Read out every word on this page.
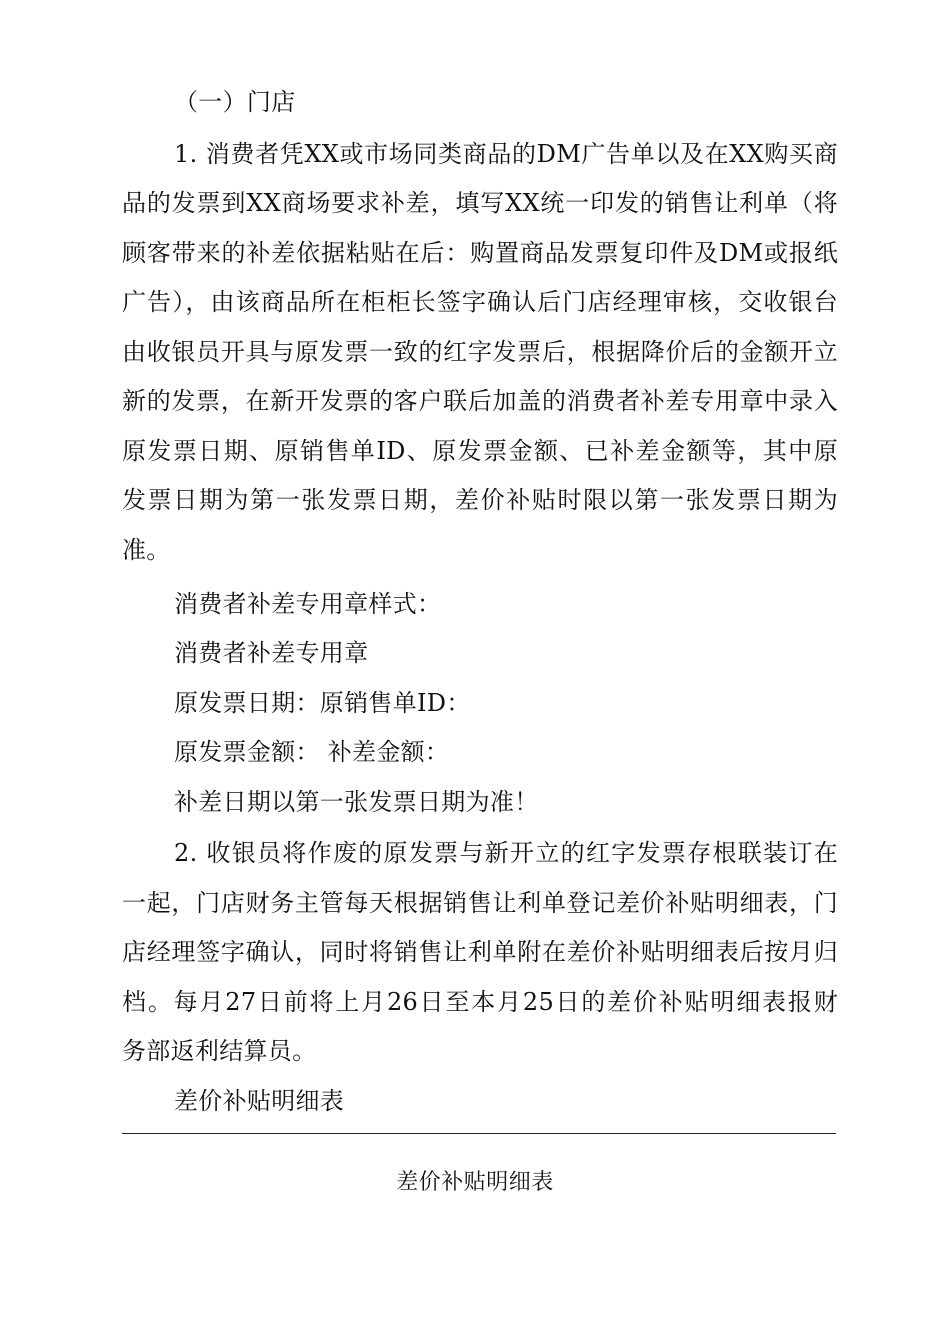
（一）门店
1. 消费者凭XX或市场同类商品的DM广告单以及在XX购买商
品的发票到XX商场要求补差，填写XX统一印发的销售让利单（将
顾客带来的补差依据粘贴在后：购置商品发票复印件及DM或报纸
广告），由该商品所在柜柜长签字确认后门店经理审核，交收银台
由收银员开具与原发票一致的红字发票后，根据降价后的金额开立
新的发票，在新开发票的客户联后加盖的消费者补差专用章中录入
原发票日期、原销售单ID、原发票金额、已补差金额等，其中原
发票日期为第一张发票日期，差价补贴时限以第一张发票日期为
准。
消费者补差专用章样式：
消费者补差专用章
原发票日期：原销售单ID：
原发票金额： 补差金额：
补差日期以第一张发票日期为准！
2. 收银员将作废的原发票与新开立的红字发票存根联装订在
一起，门店财务主管每天根据销售让利单登记差价补贴明细表，门
店经理签字确认，同时将销售让利单附在差价补贴明细表后按月归
档。每月27日前将上月26日至本月25日的差价补贴明细表报财
务部返利结算员。
差价补贴明细表
差价补贴明细表
